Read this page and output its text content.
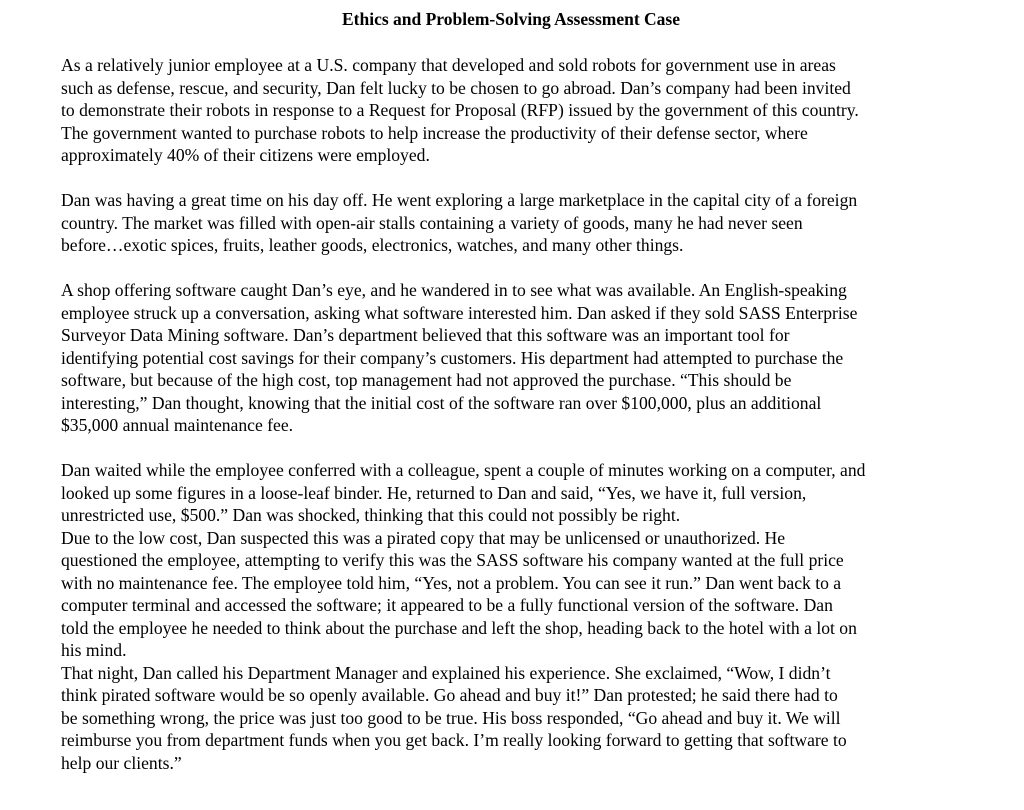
Ethics and Problem-Solving Assessment Case

As a relatively junior employee at a U.S. company that developed and sold robots for government use in areas
such as defense, rescue, and security, Dan felt lucky to be chosen to go abroad. Dan’s company had been invited
to demonstrate their robots in response to a Request for Proposal (RFP) issued by the government of this country.
The government wanted to purchase robots to help increase the productivity of their defense sector, where
approximately 40% of their citizens were employed.

Dan was having a great time on his day off. He went exploring a large marketplace in the capital city of a foreign
country. The market was filled with open-air stalls containing a variety of goods, many he had never seen
before…exotic spices, fruits, leather goods, electronics, watches, and many other things.

A shop offering software caught Dan’s eye, and he wandered in to see what was available. An English-speaking
employee struck up a conversation, asking what software interested him. Dan asked if they sold SASS Enterprise
Surveyor Data Mining software. Dan’s department believed that this software was an important tool for
identifying potential cost savings for their company’s customers. His department had attempted to purchase the
software, but because of the high cost, top management had not approved the purchase. “This should be
interesting,” Dan thought, knowing that the initial cost of the software ran over $100,000, plus an additional
$35,000 annual maintenance fee.

Dan waited while the employee conferred with a colleague, spent a couple of minutes working on a computer, and
looked up some figures in a loose-leaf binder. He, returned to Dan and said, “Yes, we have it, full version,
unrestricted use, $500.” Dan was shocked, thinking that this could not possibly be right.
Due to the low cost, Dan suspected this was a pirated copy that may be unlicensed or unauthorized. He
questioned the employee, attempting to verify this was the SASS software his company wanted at the full price
with no maintenance fee. The employee told him, “Yes, not a problem. You can see it run.” Dan went back to a
computer terminal and accessed the software; it appeared to be a fully functional version of the software. Dan
told the employee he needed to think about the purchase and left the shop, heading back to the hotel with a lot on
his mind.
That night, Dan called his Department Manager and explained his experience. She exclaimed, “Wow, I didn’t
think pirated software would be so openly available. Go ahead and buy it!” Dan protested; he said there had to
be something wrong, the price was just too good to be true. His boss responded, “Go ahead and buy it. We will
reimburse you from department funds when you get back. I’m really looking forward to getting that software to
help our clients.”
